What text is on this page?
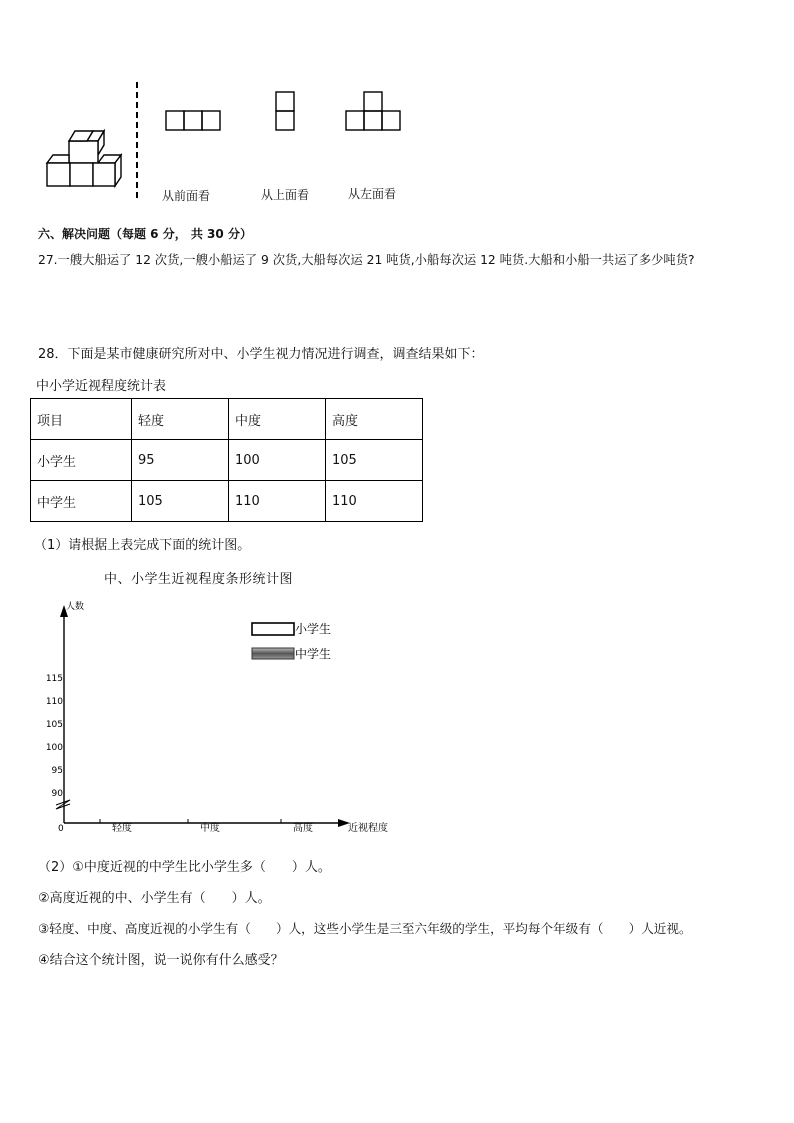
从前面看	从上面看	从左面看
六、解决问题（每题 6 分， 共 30 分）
27.一艘大船运了 12 次货,一艘小船运了 9 次货,大船每次运 21 吨货,小船每次运 12 吨货.大船和小船一共运了多少吨货?
28．下面是某市健康研究所对中、小学生视力情况进行调查，调查结果如下：
中小学近视程度统计表
项目	轻度	中度	高度
小学生	95	100	105
中学生	105	110	110
（1）请根据上表完成下面的统计图。
中、小学生近视程度条形统计图
轻度	中度	高度
115
110
105
100
95
90
人数
近视程度
0
小学生
中学生
（2）①中度近视的中学生比小学生多（　　）人。
②高度近视的中、小学生有（　　）人。
③轻度、中度、高度近视的小学生有（　　）人，这些小学生是三至六年级的学生，平均每个年级有（　　）人近视。
④结合这个统计图，说一说你有什么感受？
